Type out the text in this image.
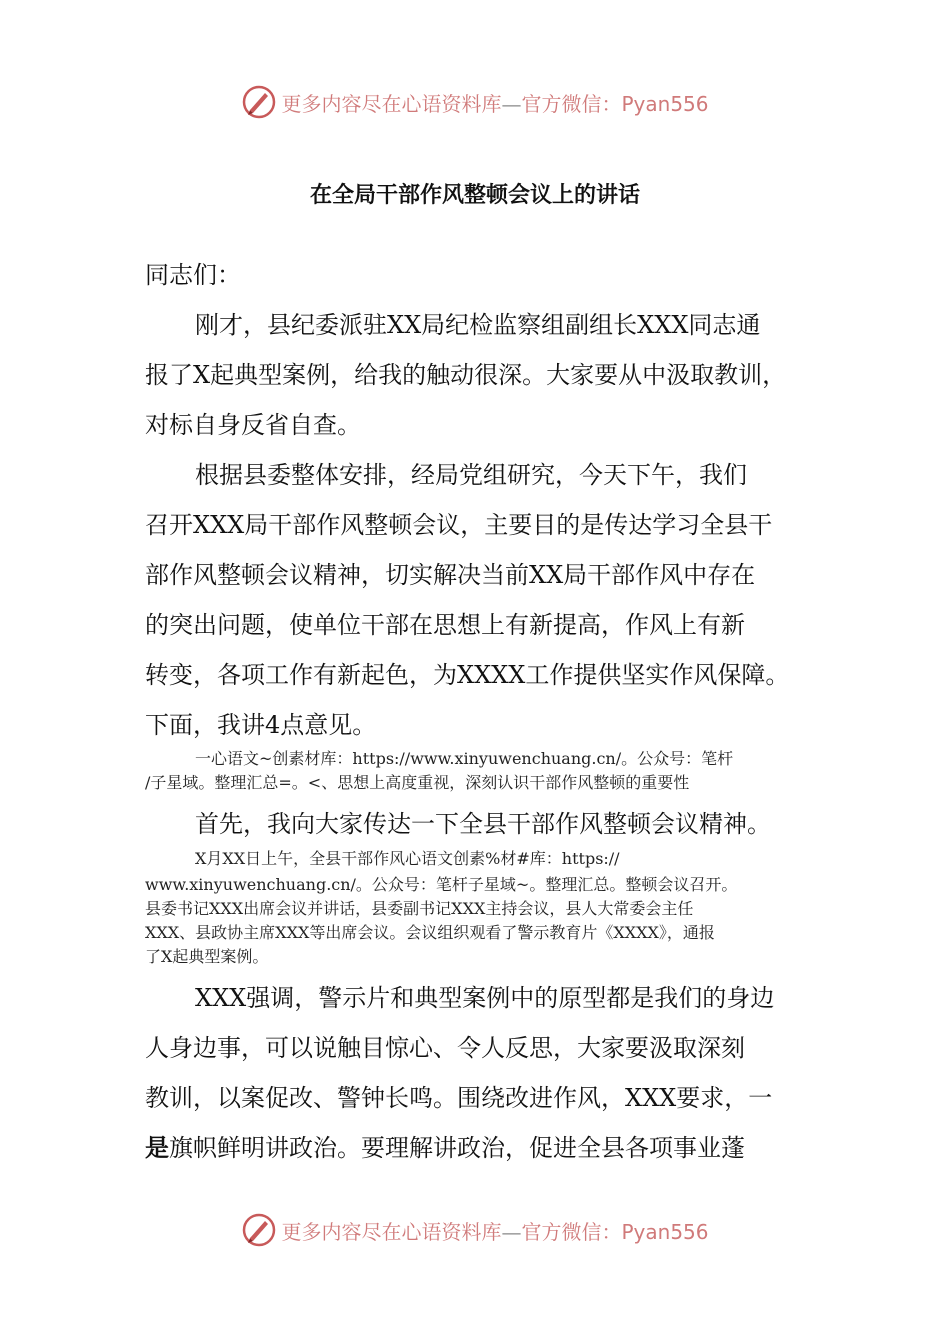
更多内容尽在心语资料库—官方微信：Pyan556
在全局干部作风整顿会议上的讲话
同志们：
刚才，县纪委派驻XX局纪检监察组副组长XXX同志通
报了X起典型案例，给我的触动很深。大家要从中汲取教训，
对标自身反省自查。
根据县委整体安排，经局党组研究，今天下午，我们
召开XXX局干部作风整顿会议，主要目的是传达学习全县干
部作风整顿会议精神，切实解决当前XX局干部作风中存在
的突出问题，使单位干部在思想上有新提高，作风上有新
转变，各项工作有新起色，为XXXX工作提供坚实作风保障。
下面，我讲4点意见。
一心语文~创素材库：https://www.xinyuwenchuang.cn/。公众号：笔杆
/子星域。整理汇总=。<、思想上高度重视，深刻认识干部作风整顿的重要性
首先，我向大家传达一下全县干部作风整顿会议精神。
X月XX日上午，全县干部作风心语文创素%材#库：https://
www.xinyuwenchuang.cn/。公众号：笔杆子星域~。整理汇总。整顿会议召开。
县委书记XXX出席会议并讲话，县委副书记XXX主持会议，县人大常委会主任
XXX、县政协主席XXX等出席会议。会议组织观看了警示教育片《XXXX》，通报
了X起典型案例。
XXX强调，警示片和典型案例中的原型都是我们的身边
人身边事，可以说触目惊心、令人反思，大家要汲取深刻
教训，以案促改、警钟长鸣。围绕改进作风，XXX要求，一
是旗帜鲜明讲政治。要理解讲政治，促进全县各项事业蓬
更多内容尽在心语资料库—官方微信：Pyan556
